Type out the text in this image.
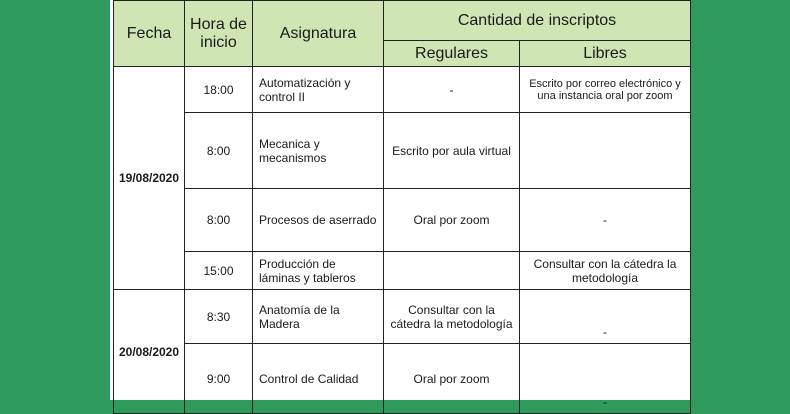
Fecha	Hora de inicio	Asignatura	Cantidad de inscriptos	
			Regulares	Libres
19/08/2020	18:00	Automatización y control II	-	Escrito por correo electrónico y una instancia oral por zoom
	8:00	Mecanica y mecanismos	Escrito por aula virtual	
	8:00	Procesos de aserrado	Oral por zoom	-
	15:00	Producción de láminas y tableros		Consultar con la cátedra la metodología
20/08/2020	8:30	Anatomía de la Madera	Consultar con la cátedra la metodología	-
	9:00	Control de Calidad	Oral por zoom	-
